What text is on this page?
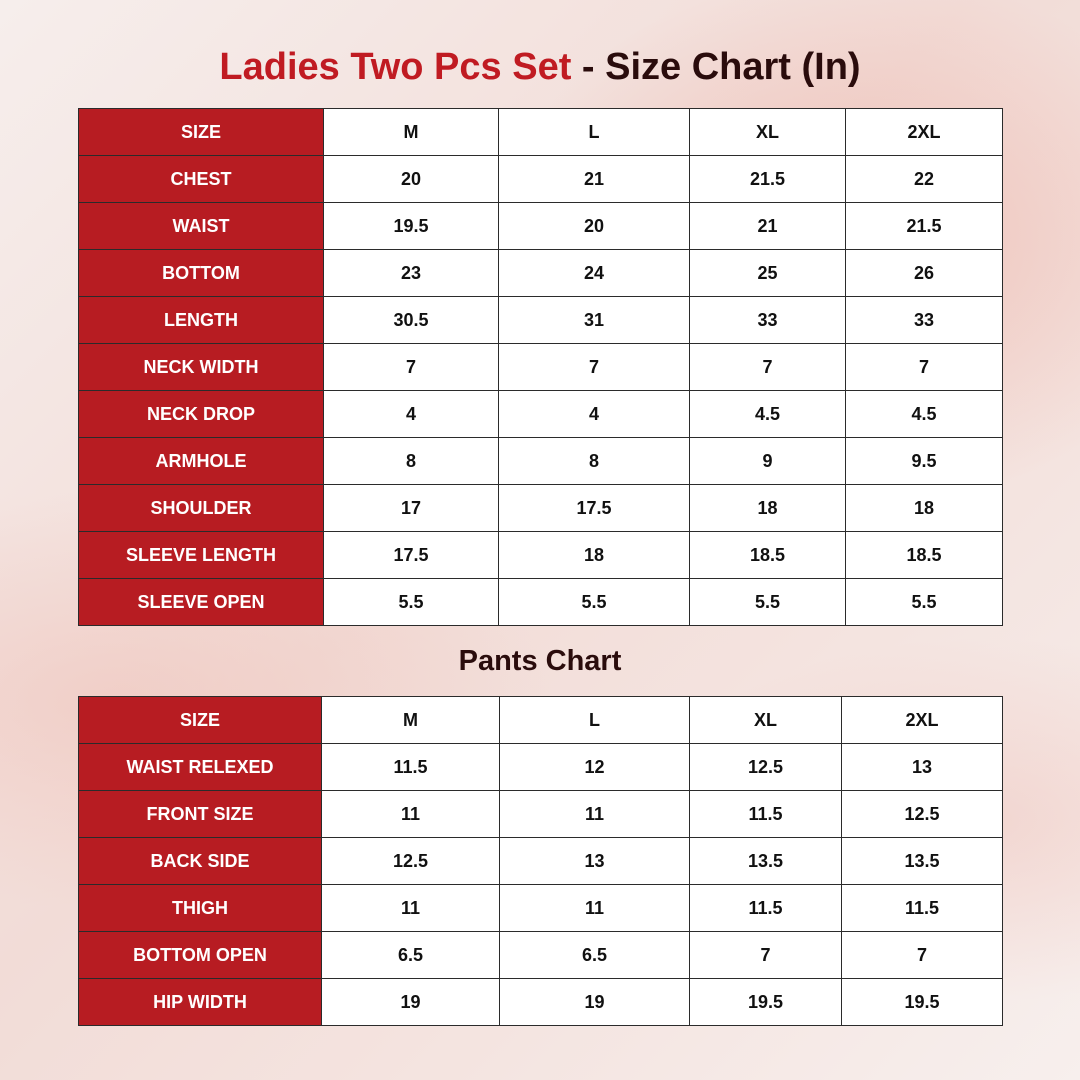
Ladies Two Pcs Set - Size Chart (In)
SIZE	M	L	XL	2XL
CHEST	20	21	21.5	22
WAIST	19.5	20	21	21.5
BOTTOM	23	24	25	26
LENGTH	30.5	31	33	33
NECK WIDTH	7	7	7	7
NECK DROP	4	4	4.5	4.5
ARMHOLE	8	8	9	9.5
SHOULDER	17	17.5	18	18
SLEEVE LENGTH	17.5	18	18.5	18.5
SLEEVE OPEN	5.5	5.5	5.5	5.5
Pants Chart
SIZE	M	L	XL	2XL
WAIST RELEXED	11.5	12	12.5	13
FRONT SIZE	11	11	11.5	12.5
BACK SIDE	12.5	13	13.5	13.5
THIGH	11	11	11.5	11.5
BOTTOM OPEN	6.5	6.5	7	7
HIP WIDTH	19	19	19.5	19.5
